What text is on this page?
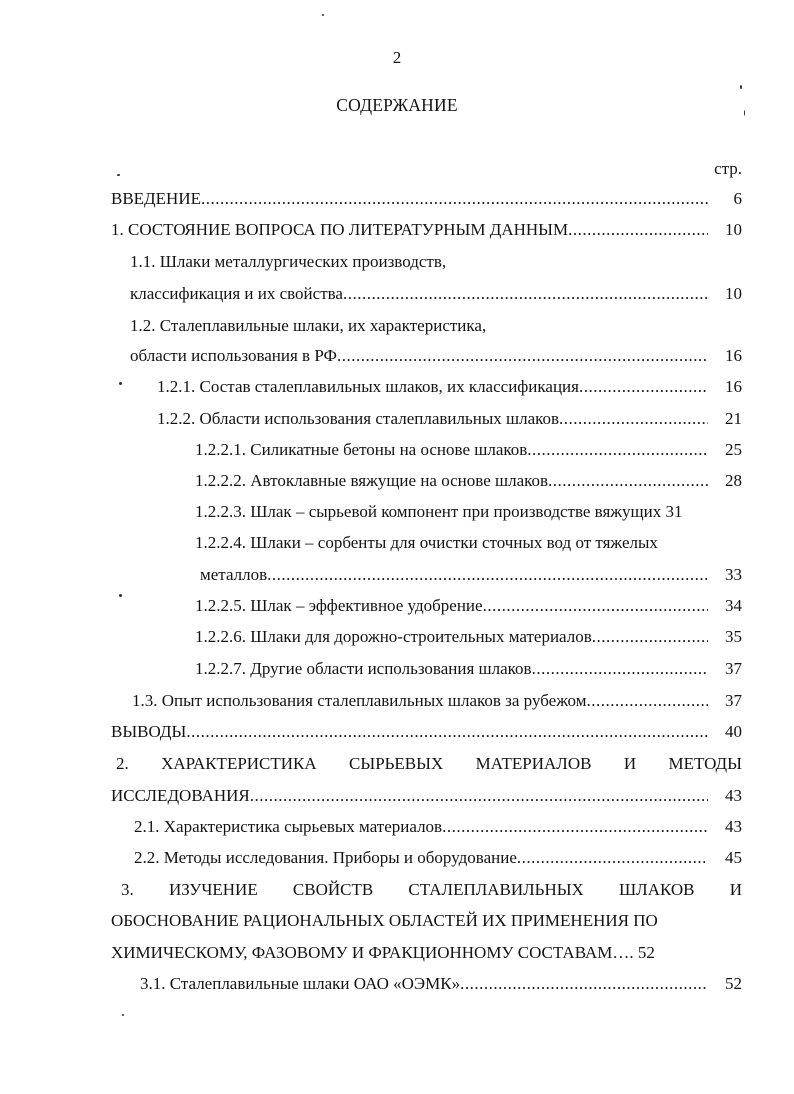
2
СОДЕРЖАНИЕ
стр.
ВВЕДЕНИЕ .....	6
1. СОСТОЯНИЕ ВОПРОСА ПО ЛИТЕРАТУРНЫМ ДАННЫМ .....	10
1.1. Шлаки металлургических производств,
классификация и их свойства .....	10
1.2. Сталеплавильные шлаки, их характеристика,
области использования в РФ .....	16
1.2.1. Состав сталеплавильных шлаков, их классификация .....	16
1.2.2. Области использования сталеплавильных шлаков .....	21
1.2.2.1. Силикатные бетоны на основе шлаков .....	25
1.2.2.2. Автоклавные вяжущие на основе шлаков .....	28
1.2.2.3. Шлак – сырьевой компонент при производстве вяжущих 31
1.2.2.4. Шлаки – сорбенты для очистки сточных вод от тяжелых
металлов .....	33
1.2.2.5. Шлак – эффективное удобрение .....	34
1.2.2.6. Шлаки для дорожно-строительных материалов .....	35
1.2.2.7. Другие области использования шлаков .....	37
1.3. Опыт использования сталеплавильных шлаков за рубежом .....	37
ВЫВОДЫ .....	40
2. ХАРАКТЕРИСТИКА СЫРЬЕВЫХ МАТЕРИАЛОВ И МЕТОДЫ
ИССЛЕДОВАНИЯ .....	43
2.1. Характеристика сырьевых материалов .....	43
2.2. Методы исследования. Приборы и оборудование .....	45
3. ИЗУЧЕНИЕ СВОЙСТВ СТАЛЕПЛАВИЛЬНЫХ ШЛАКОВ И
ОБОСНОВАНИЕ РАЦИОНАЛЬНЫХ ОБЛАСТЕЙ ИХ ПРИМЕНЕНИЯ ПО
ХИМИЧЕСКОМУ, ФАЗОВОМУ И ФРАКЦИОННОМУ СОСТАВАМ…. 52
3.1. Сталеплавильные шлаки ОАО «ОЭМК» .....	52
